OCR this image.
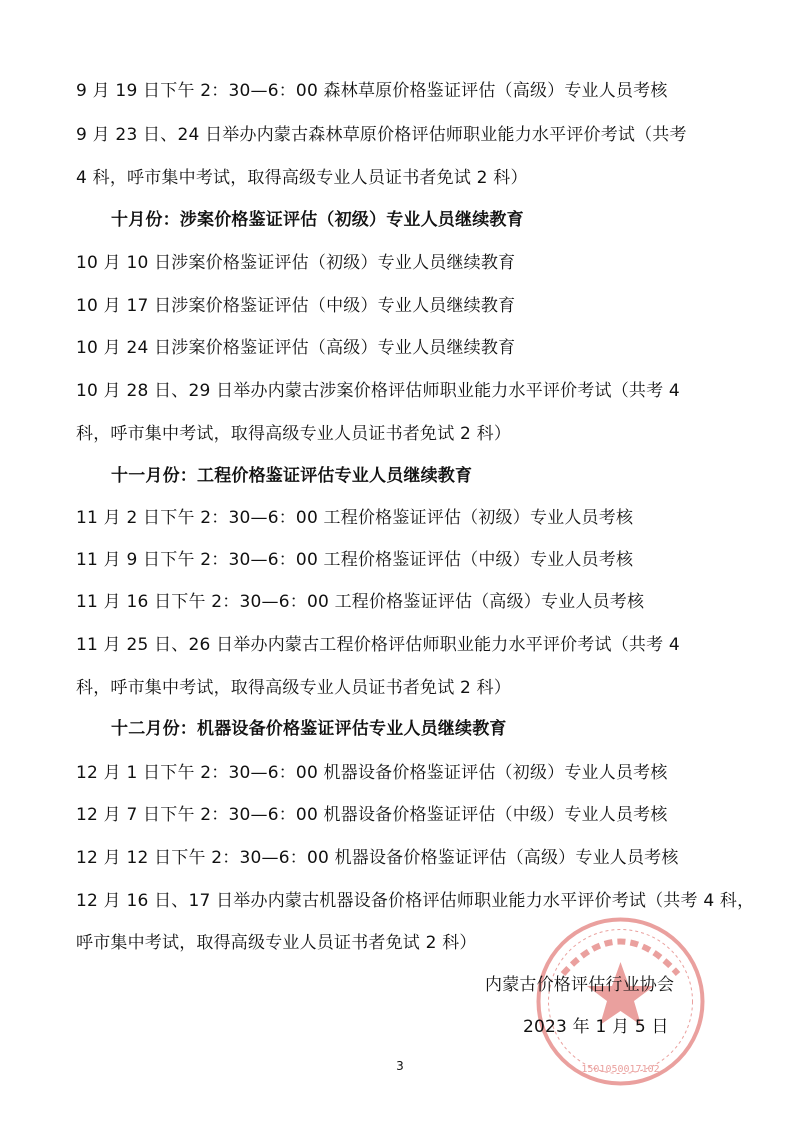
9 月 19 日下午 2：30—6：00 森林草原价格鉴证评估（高级）专业人员考核
9 月 23 日、24 日举办内蒙古森林草原价格评估师职业能力水平评价考试（共考
4 科，呼市集中考试，取得高级专业人员证书者免试 2 科）
十月份：涉案价格鉴证评估（初级）专业人员继续教育
10 月 10 日涉案价格鉴证评估（初级）专业人员继续教育
10 月 17 日涉案价格鉴证评估（中级）专业人员继续教育
10 月 24 日涉案价格鉴证评估（高级）专业人员继续教育
10 月 28 日、29 日举办内蒙古涉案价格评估师职业能力水平评价考试（共考 4
科，呼市集中考试，取得高级专业人员证书者免试 2 科）
十一月份：工程价格鉴证评估专业人员继续教育
11 月 2 日下午 2：30—6：00 工程价格鉴证评估（初级）专业人员考核
11 月 9 日下午 2：30—6：00 工程价格鉴证评估（中级）专业人员考核
11 月 16 日下午 2：30—6：00 工程价格鉴证评估（高级）专业人员考核
11 月 25 日、26 日举办内蒙古工程价格评估师职业能力水平评价考试（共考 4
科，呼市集中考试，取得高级专业人员证书者免试 2 科）
十二月份：机器设备价格鉴证评估专业人员继续教育
12 月 1 日下午 2：30—6：00 机器设备价格鉴证评估（初级）专业人员考核
12 月 7 日下午 2：30—6：00 机器设备价格鉴证评估（中级）专业人员考核
12 月 12 日下午 2：30—6：00 机器设备价格鉴证评估（高级）专业人员考核
12 月 16 日、17 日举办内蒙古机器设备价格评估师职业能力水平评价考试（共考 4 科，
呼市集中考试，取得高级专业人员证书者免试 2 科）
1501050017102
内蒙古价格评估行业协会
2023 年 1 月 5 日
3
